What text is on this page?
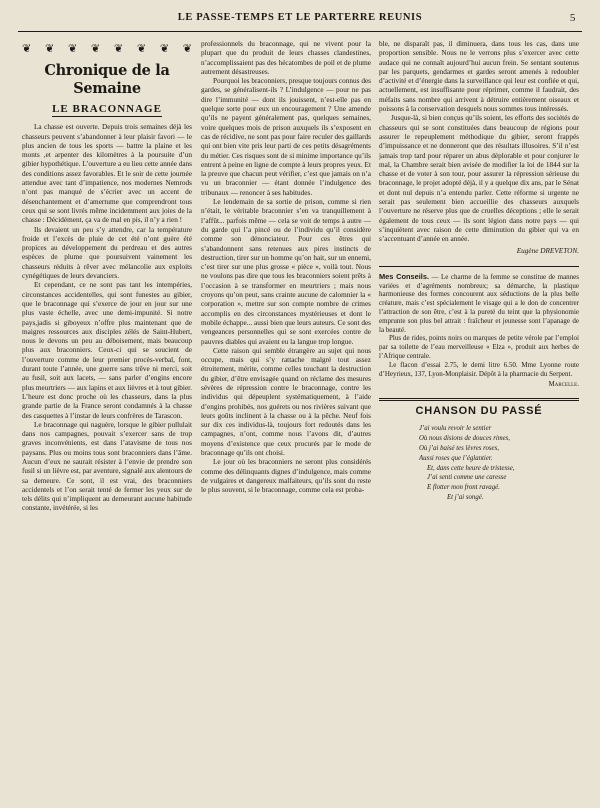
LE PASSE-TEMPS ET LE PARTERRE REUNIS	5
❦ ❦ ❦ ❦ ❦ ❦ ❦ ❦
Chronique de la Semaine
LE BRACONNAGE

La chasse est ouverte. Depuis trois semaines déjà les chasseurs peuvent s’abandonner à leur plaisir favori — le plus ancien de tous les sports — battre la plaine et les monts ,et arpenter des kilomètres à la poursuite d’un gibier hypothétique. L’ouverture a eu lieu cette année dans des conditions assez favorables. Et le soir de cette journée attendue avec tant d’impatience, nos modernes Nemrods n’ont pas manqué de s’écrier avec un accent de désenchantement et d’amertume que comprendront tous ceux qui se sont livrés même incidemment aux joies de la chasse : Décidément, ça va de mal en pis, il n’y a rien !

Ils devaient un peu s’y attendre, car la température froide et l’excès de pluie de cet été n’ont guère été propices au développement du perdreau et des autres espèces de plume que poursuivent vainement les chasseurs réduits à rêver avec mélancolie aux exploits cynégétiques de leurs devanciers.

Et cependant, ce ne sont pas tant les intempéries, circonstances accidentelles, qui sont funestes au gibier, que le braconnage qui s’exerce de jour en jour sur une plus vaste échelle, avec une demi-impunité. Si notre pays,jadis si giboyeux n’offre plus maintenant que de maigres ressources aux disciples zélés de Saint-Hubert, nous le devons un peu au déboisement, mais beaucoup plus aux braconniers. Ceux-ci qui se soucient de l’ouverture comme de leur premier procès-verbal, font, durant toute l’année, une guerre sans trêve ni merci, soit au fusil, soit aux lacets, — sans parler d’engins encore plus meurtriers — aux lapins et aux lièvres et à tout gibier. L’heure est donc proche où les chasseurs, dans la plus grande partie de la France seront condamnés à la chasse des casquettes à l’instar de leurs confrères de Tarascon.

Le braconnage qui naguère, lorsque le gibier pullulait dans nos campagnes, pouvait s’exercer sans de trop graves inconvénients, est dans l’atavisme de tous nos paysans. Plus ou moins tous sont braconniers dans l’âme. Aucun d’eux ne saurait résister à l’envie de prendre son fusil si un lièvre est, par aventure, signalé aux alentours de sa demeure. Ce sont, il est vrai, des braconniers accidentels et l’on serait tenté de fermer les yeux sur de tels délits qui n’impliquent au demeurant aucune habitude constante, invétérée, si les

professionnels du braconnage, qui ne vivent pour la plupart que du produit de leurs chasses clandestines, n’accomplissaient pas des hécatombes de poil et de plume autrement désastreuses.

Pourquoi les braconniers, presque toujours connus des gardes, se généralisent-ils ? L’indulgence — pour ne pas dire l’immunité — dont ils jouissent, n’est-elle pas en quelque sorte pour eux un encouragement ? Une amende qu’ils ne payent généralement pas, quelques semaines, voire quelques mois de prison auxquels ils s’exposent en cas de récidive, ne sont pas pour faire reculer des gaillards qui ont bien vite pris leur parti de ces petits désagréments du métier. Ces risques sont de si minime importance qu’ils entrent à peine en ligne de compte à leurs propres yeux. Et la preuve que chacun peut vérifier, c’est que jamais on n’a vu un braconnier — étant donnée l’indulgence des tribunaux — renoncer à ses habitudes.

Le lendemain de sa sortie de prison, comme si rien n’était, le véritable braconnier s’en va tranquillement à l’affût... parfois même — cela se voit de temps à autre — du garde qui l’a pincé ou de l’individu qu’il considère comme son dénonciateur. Pour ces êtres qui s’abandonnent sans retenues aux pires instincts de destruction, tirer sur un homme qu’on hait, sur un ennemi, c’est tirer sur une plus grosse « pièce », voilà tout. Nous ne voulons pas dire que tous les braconniers soient prêts à l’occasion à se transformer en meurtriers ; mais nous croyons qu’on peut, sans crainte aucune de calomnier la « corporation », mettre sur son compte nombre de crimes accomplis en des circonstances mystérieuses et dont le mobile échappe... aussi bien que leurs auteurs. Ce sont des vengeances personnelles qui se sont exercées contre de pauvres diables qui avaient eu la langue trop longue.

Cette raison qui semble étrangère au sujet qui nous occupe, mais qui s’y rattache malgré tout assez étroitement, mérite, comme celles touchant la destruction du gibier, d’être envisagée quand on réclame des mesures sévères de répression contre le braconnage, contre les individus qui dépeuplent systématiquement, à l’aide d’engins prohibés, nos guérets ou nos rivières suivant que leurs goûts inclinent à la chasse ou à la pêche. Neuf fois sur dix ces individus-là, toujours fort redoutés dans les campagnes, n’ont, comme nous l’avons dit, d’autres moyens d’existence que ceux procurés par le mode de braconnage qu’ils ont choisi.

Le jour où les braconniers ne seront plus considérés comme des délinquants dignes d’indulgence, mais comme de vulgaires et dangereux malfaiteurs, qu’ils sont du reste le plus souvent, si le braconnage, comme cela est proba-

ble, ne disparaît pas, il diminuera, dans tous les cas, dans une proportion sensible. Nous ne le verrons plus s’exercer avec cette audace qui ne connaît aujourd’hui aucun frein. Se sentant soutenus par les parquets, gendarmes et gardes seront amenés à redoubler d’activité et d’énergie dans la surveillance qui leur est confiée et qui, actuellement, est insuffisante pour réprimer, comme il faudrait, des méfaits sans nombre qui arrivent à détruire entièrement oiseaux et poissons à la conservation desquels nous sommes tous intéressés.

Jusque-là, si bien conçus qu’ils soient, les efforts des sociétés de chasseurs qui se sont constituées dans beaucoup de régions pour assurer le repeuplement méthodique du gibier, seront frappés d’impuissance et ne donneront que des résultats illusoires. S’il n’est jamais trop tard pour réparer un abus déplorable et pour conjurer le mal, la Chambre serait bien avisée de modifier la loi de 1844 sur la chasse et de voter à son tour, pour assurer la répression sérieuse du braconnage, le projet adopté déjà, il y a quelque dix ans, par le Sénat et dont nul depuis n’a entendu parler. Cette réforme si urgente ne serait pas seulement bien accueillie des chasseurs auxquels l’ouverture ne réserve plus que de cruelles déceptions ; elle le serait également de tous ceux — ils sont légion dans notre pays — qui s’inquiètent avec raison de cette diminution du gibier qui va en s’accentuant d’année en année.

Eugène DREVETON.

Mes Conseils. — Le charme de la femme se constitue de mannes variées et d’agréments nombreux; sa démarche, la plastique harmonieuse des formes concourent aux séductions de la plus belle créature, mais c’est spécialement le visage qui a le don de concentrer l’attraction de son être, c’est à la pureté du teint que la physionomie emprunte son plus bel attrait : fraîcheur et jeunesse sont l’apanage de la beauté.

Plus de rides, points noirs ou marques de petite vérole par l’emploi par sa toilette de l’eau merveilleuse « Elza », produit aux herbes de l’Afrique centrale.

Le flacon d’essai 2.75, le demi litre 6.50. Mme Lyonne route d’Heyrieux, 137, Lyon-Monplaisir. Dépôt à la pharmacie du Serpent.

Marcelle.

CHANSON DU PASSÉ
J’ai voulu revoir le sentier
Où nous disions de douces rimes,
Où j’ai baisé tes lèvres roses,
Aussi roses que l’églantier.
Et, dans cette heure de tristesse,
J’ai senti comme une caresse
E flotter mon front ravagé.
Et j’ai songé.
